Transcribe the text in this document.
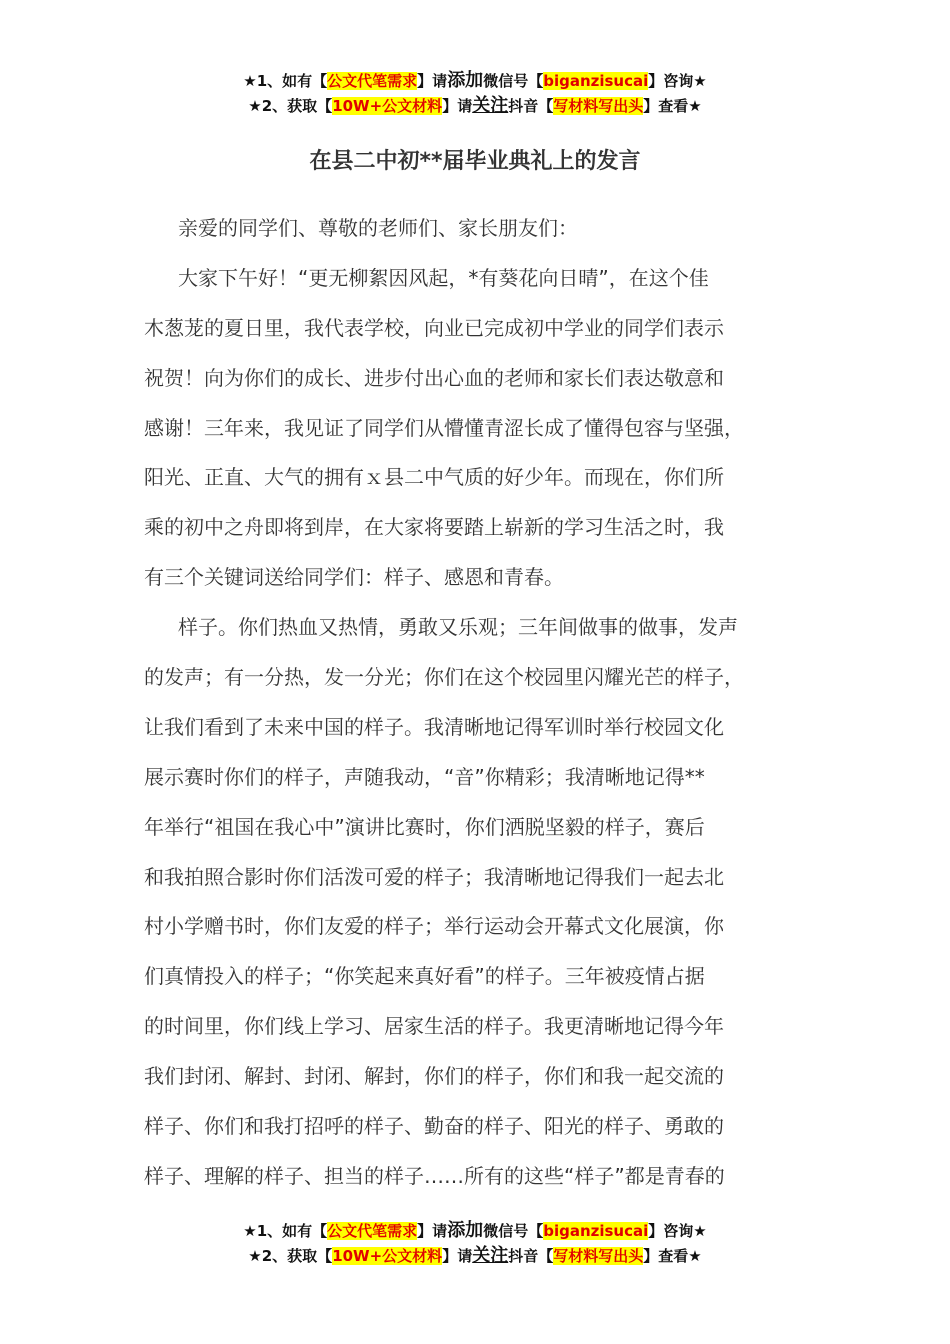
★1、如有【公文代笔需求】请添加微信号【biganzisucai】咨询★
★2、获取【10W+公文材料】请关注抖音【写材料写出头】查看★
在县二中初**届毕业典礼上的发言
亲爱的同学们、尊敬的老师们、家长朋友们：
大家下午好！“更无柳絮因风起，*有葵花向日晴”，在这个佳
木葱茏的夏日里，我代表学校，向业已完成初中学业的同学们表示
祝贺！向为你们的成长、进步付出心血的老师和家长们表达敬意和
感谢！三年来，我见证了同学们从懵懂青涩长成了懂得包容与坚强，
阳光、正直、大气的拥有ｘ县二中气质的好少年。而现在，你们所
乘的初中之舟即将到岸，在大家将要踏上崭新的学习生活之时，我
有三个关键词送给同学们：样子、感恩和青春。
样子。你们热血又热情，勇敢又乐观；三年间做事的做事，发声
的发声；有一分热，发一分光；你们在这个校园里闪耀光芒的样子，
让我们看到了未来中国的样子。我清晰地记得军训时举行校园文化
展示赛时你们的样子，声随我动，“音”你精彩；我清晰地记得**
年举行“祖国在我心中”演讲比赛时，你们洒脱坚毅的样子，赛后
和我拍照合影时你们活泼可爱的样子；我清晰地记得我们一起去北
村小学赠书时，你们友爱的样子；举行运动会开幕式文化展演，你
们真情投入的样子；“你笑起来真好看”的样子。三年被疫情占据
的时间里，你们线上学习、居家生活的样子。我更清晰地记得今年
我们封闭、解封、封闭、解封，你们的样子，你们和我一起交流的
样子、你们和我打招呼的样子、勤奋的样子、阳光的样子、勇敢的
样子、理解的样子、担当的样子……所有的这些“样子”都是青春的
★1、如有【公文代笔需求】请添加微信号【biganzisucai】咨询★
★2、获取【10W+公文材料】请关注抖音【写材料写出头】查看★
